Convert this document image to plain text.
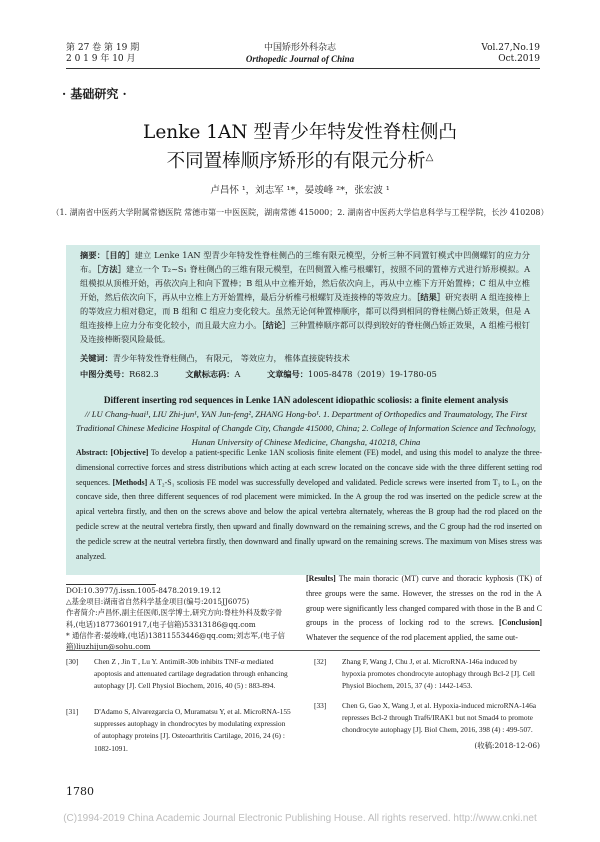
第 27 卷 第 19 期
2 0 1 9 年 10 月
中国矫形外科杂志
Orthopedic Journal of China
Vol.27,No.19
Oct.2019
· 基础研究 ·
Lenke 1AN 型青少年特发性脊柱侧凸
不同置棒顺序矫形的有限元分析△
卢昌怀 ¹，刘志军 ¹*，晏竣峰 ²*，张宏波 ¹
（1. 湖南省中医药大学附属常德医院 常德市第一中医医院，湖南常德 415000；2. 湖南省中医药大学信息科学与工程学院，长沙 410208）
摘要：［目的］建立 Lenke 1AN 型青少年特发性脊柱侧凸的三维有限元模型，分析三种不同置钉模式中凹侧螺钉的应力分布。［方法］建立一个 T₂~S₁ 脊柱侧凸的三维有限元模型，在凹侧置入椎弓根螺钉，按照不同的置棒方式进行矫形模拟。A 组模拟从顶椎开始，再依次向上和向下置棒；B 组从中立椎开始，然后依次向上，再从中立椎下方开始置棒；C 组从中立椎开始，然后依次向下，再从中立椎上方开始置棒，最后分析椎弓根螺钉及连接棒的等效应力。［结果］研究表明 A 组连接棒上的等效应力相对稳定，而 B 组和 C 组应力变化较大。虽然无论何种置棒顺序，都可以得到相同的脊柱侧凸矫正效果，但是 A 组连接棒上应力分布变化较小，而且最大应力小。［结论］三种置棒顺序都可以得到较好的脊柱侧凸矫正效果，A 组椎弓根钉及连接棒断裂风险最低。
关键词：青少年特发性脊柱侧凸， 有限元， 等效应力， 椎体直接旋转技术
中图分类号：R682.3	文献标志码：A	文章编号：1005-8478（2019）19-1780-05
Different inserting rod sequences in Lenke 1AN adolescent idiopathic scoliosis: a finite element analysis
// LU Chang-huai¹, LIU Zhi-jun¹, YAN Jun-feng², ZHANG Hong-bo¹. 1. Department of Orthopedics and Traumatology, The First Traditional Chinese Medicine Hospital of Changde City, Changde 415000, China; 2. College of Information Science and Technology, Hunan University of Chinese Medicine, Changsha, 410218, China
Abstract: [Objective] To develop a patient-specific Lenke 1AN scoliosis finite element (FE) model, and using this model to analyze the three-dimensional corrective forces and stress distributions which acting at each screw located on the concave side with the three different setting rod sequences. [Methods] A T₂-S₁ scoliosis FE model was successfully developed and validated. Pedicle screws were inserted from T₃ to L₃ on the concave side, then three different sequences of rod placement were mimicked. In the A group the rod was inserted on the pedicle screw at the apical vertebra firstly, and then on the screws above and below the apical vertebra alternately, whereas the B group had the rod placed on the pedicle screw at the neutral vertebra firstly, then upward and finally downward on the remaining screws, and the C group had the rod inserted on the pedicle screw at the neutral vertebra firstly, then downward and finally upward on the remaining screws. The maximum von Mises stress was analyzed.
[Results] The main thoracic (MT) curve and thoracic kyphosis (TK) of three groups were the same. However, the stresses on the rod in the A group were significantly less changed compared with those in the B and C groups in the process of locking rod to the screws. [Conclusion] Whatever the sequence of the rod placement applied, the same out-
DOI:10.3977/j.issn.1005-8478.2019.19.12
△基金项目:湖南省自然科学基金项目(编号:2015JJ6075)
作者简介:卢昌怀,副主任医师,医学博士,研究方向:脊柱外科及数字骨科,(电话)18773601917,(电子信箱)53313186@qq.com
* 通信作者:晏竣峰,(电话)13811553446@qq.com;刘志军,(电子信箱)liuzhijun@sohu.com
[30] Chen Z , Jin T , Lu Y. AntimiR-30b inhibits TNF-α mediated apoptosis and attenuated cartilage degradation through enhancing autophagy [J]. Cell Physiol Biochem, 2016, 40 (5) : 883-894.
[31] D'Adamo S, Alvarezgarcia O, Muramatsu Y, et al. MicroRNA-155 suppresses autophagy in chondrocytes by modulating expression of autophagy proteins [J]. Osteoarthritis Cartilage, 2016, 24 (6) : 1082-1091.
[32] Zhang F, Wang J, Chu J, et al. MicroRNA-146a induced by hypoxia promotes chondrocyte autophagy through Bcl-2 [J]. Cell Physiol Biochem, 2015, 37 (4) : 1442-1453.
[33] Chen G, Gao X, Wang J, et al. Hypoxia-induced microRNA-146a represses Bcl-2 through Traf6/IRAK1 but not Smad4 to promote chondrocyte autophagy [J]. Biol Chem, 2016, 398 (4) : 499-507.
(收稿:2018-12-06)
1780
(C)1994-2019 China Academic Journal Electronic Publishing House. All rights reserved. http://www.cnki.net
